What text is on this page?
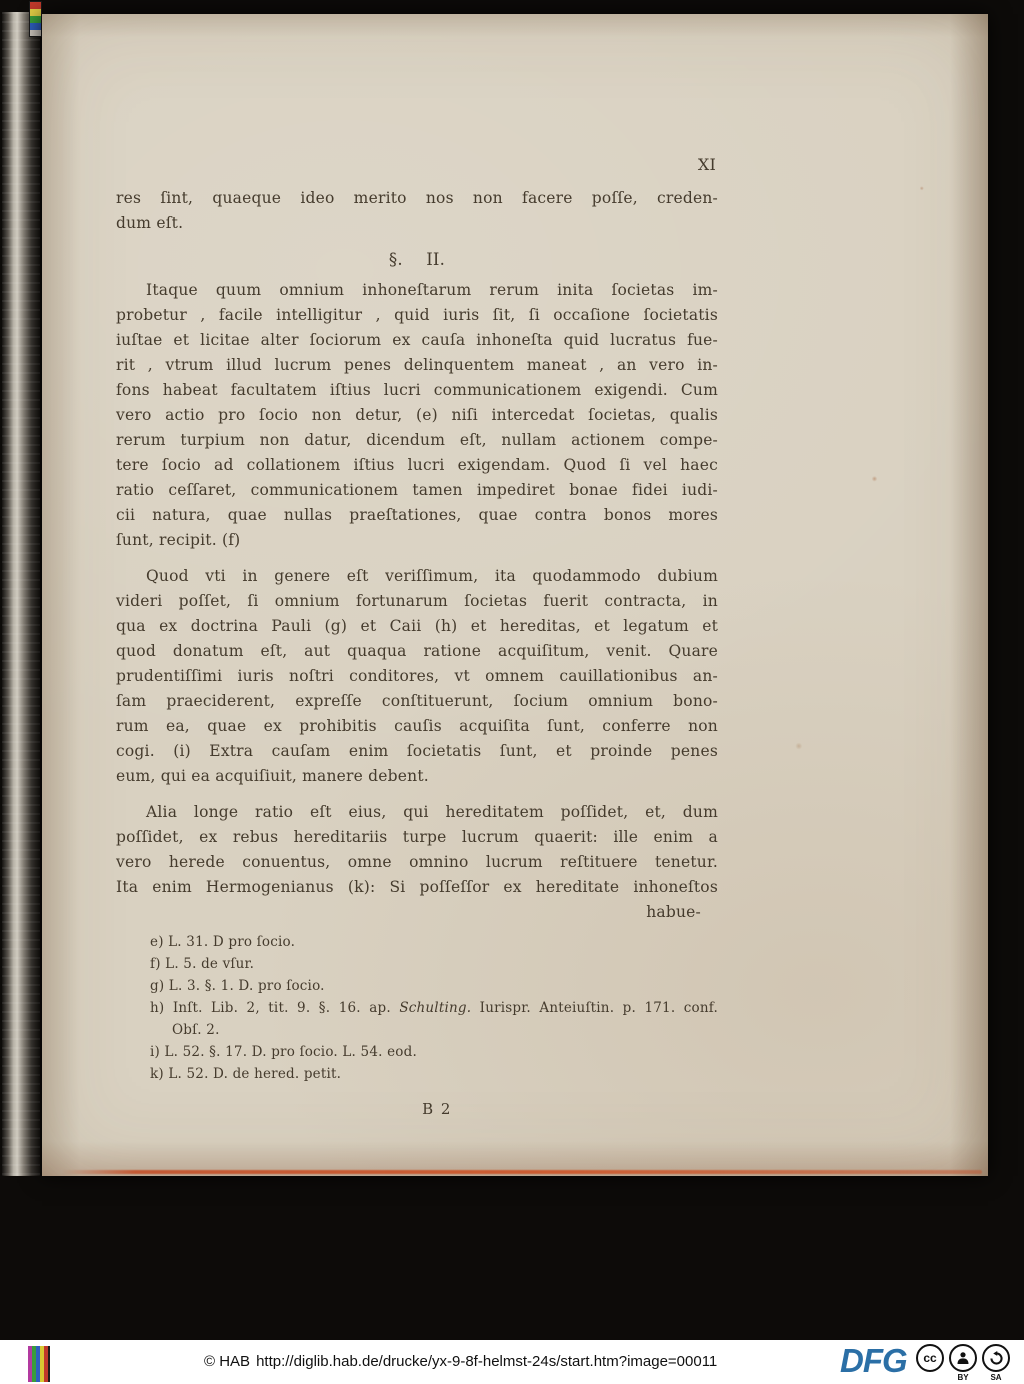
XI

res ſint, quaeque ideo merito nos non facere poſſe, creden-
dum eſt.

§. II.

Itaque quum omnium inhoneſtarum rerum inita ſocietas im-
probetur , facile intelligitur , quid iuris ſit, ſi occaſione ſocietatis
iuſtae et licitae alter ſociorum ex cauſa inhoneſta quid lucratus fue-
rit , vtrum illud lucrum penes delinquentem maneat , an vero in-
fons habeat facultatem iſtius lucri communicationem exigendi. Cum
vero actio pro ſocio non detur, (e) niſi intercedat ſocietas, qualis
rerum turpium non datur, dicendum eſt, nullam actionem compe-
tere ſocio ad collationem iſtius lucri exigendam. Quod ſi vel haec
ratio ceſſaret, communicationem tamen impediret bonae fidei iudi-
cii natura, quae nullas praeſtationes, quae contra bonos mores
ſunt, recipit. (f)

Quod vti in genere eſt veriſſimum, ita quodammodo dubium
videri poſſet, ſi omnium fortunarum ſocietas fuerit contracta, in
qua ex doctrina Pauli (g) et Caii (h) et hereditas, et legatum et
quod donatum eſt, aut quaqua ratione acquiſitum, venit. Quare
prudentiſſimi iuris noſtri conditores, vt omnem cauillationibus an-
ſam praeciderent, expreſſe conſtituerunt, ſocium omnium bono-
rum ea, quae ex prohibitis cauſis acquiſita ſunt, conferre non
cogi. (i) Extra cauſam enim ſocietatis ſunt, et proinde penes
eum, qui ea acquiſiuit, manere debent.

Alia longe ratio eſt eius, qui hereditatem poſſidet, et, dum
poſſidet, ex rebus hereditariis turpe lucrum quaerit: ille enim a
vero herede conuentus, omne omnino lucrum reſtituere tenetur.
Ita enim Hermogenianus (k): Si poſſeſſor ex hereditate inhoneſtos

habue-
e) L. 31. D pro ſocio.
f) L. 5. de vſur.
g) L. 3. §. 1. D. pro ſocio.
h) Inſt. Lib. 2, tit. 9. §. 16. ap. Schulting. Iurispr. Anteiuſtin. p. 171. conf.
Obſ. 2.
i) L. 52. §. 17. D. pro ſocio. L. 54. eod.
k) L. 52. D. de hered. petit.
B 2
© HAB http://diglib.hab.de/drucke/yx-9-8f-helmst-24s/start.htm?image=00011	DFG	cc
BY	SA
